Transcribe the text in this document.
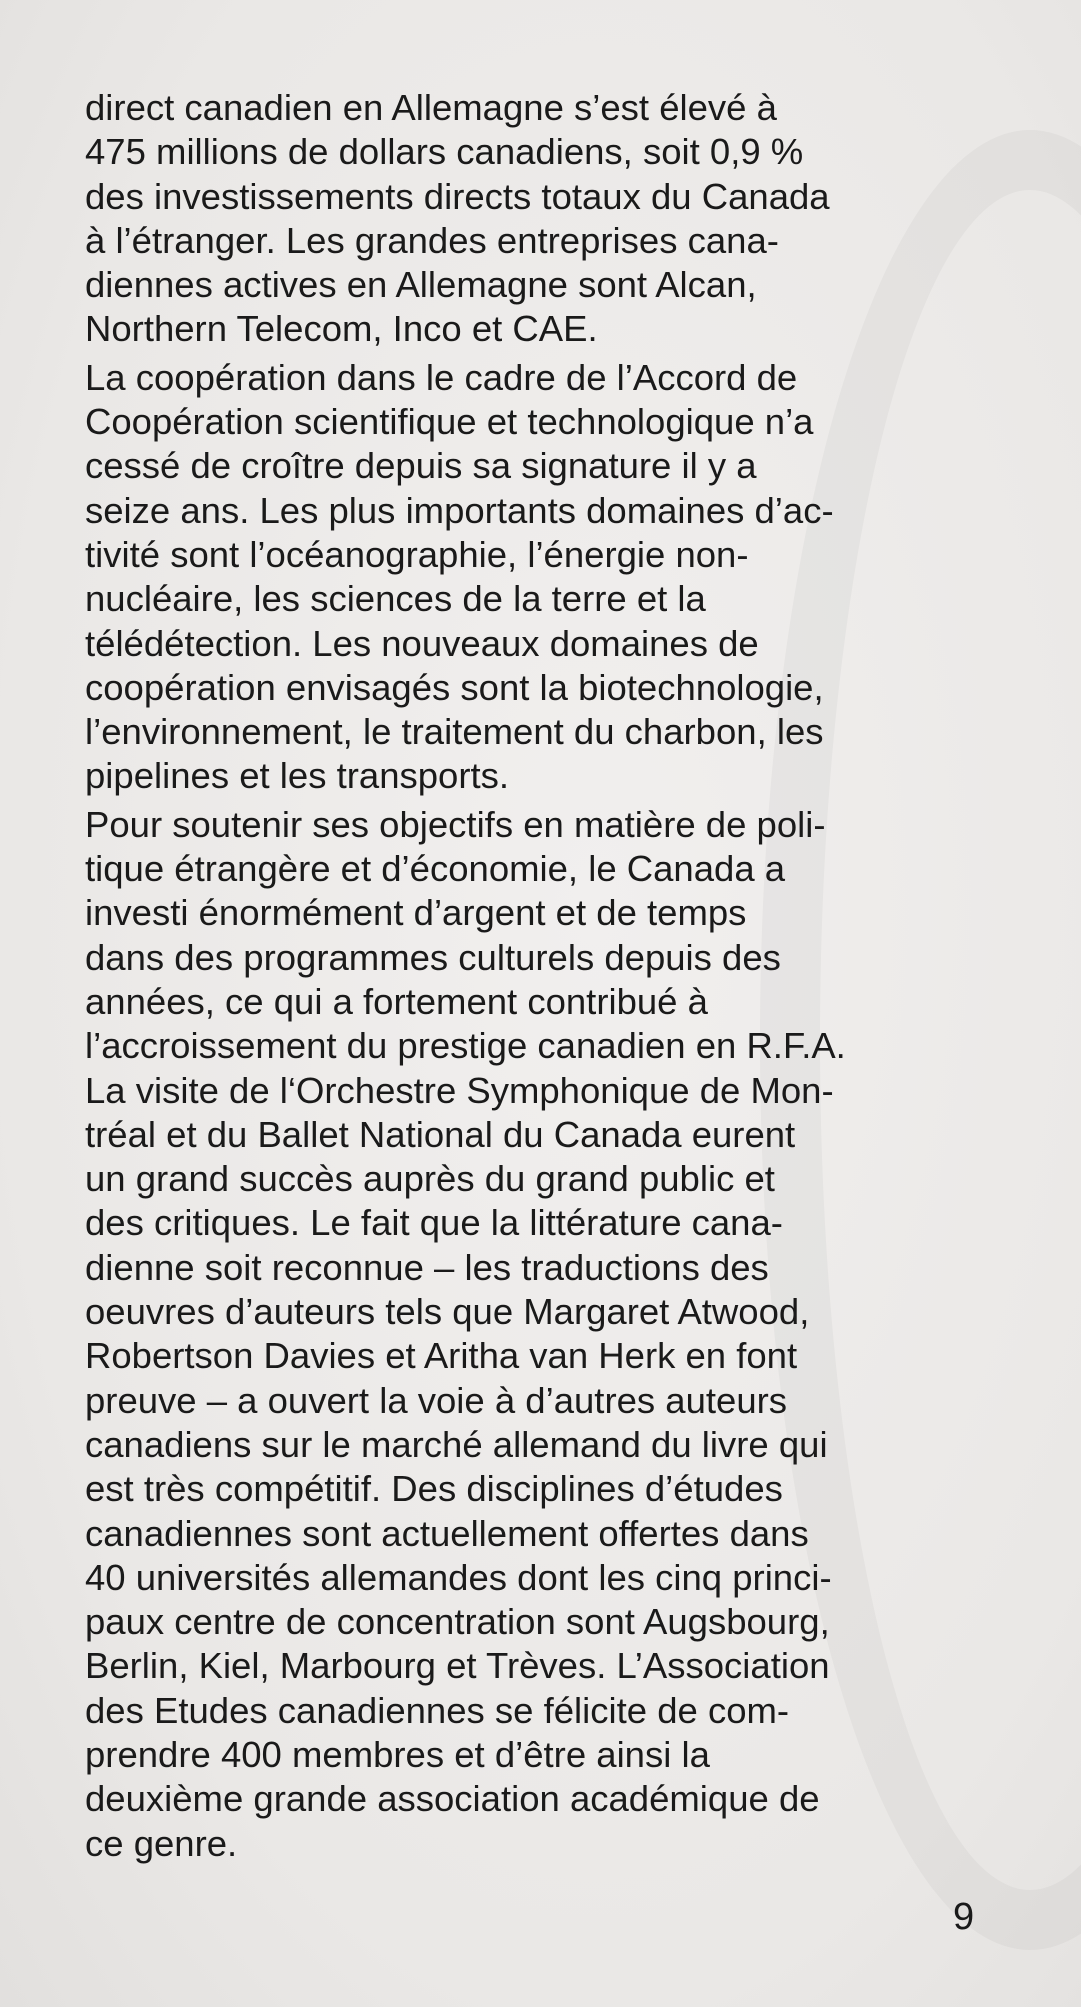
direct canadien en Allemagne s’est élevé à
475 millions de dollars canadiens, soit 0,9 %
des investissements directs totaux du Canada
à l’étranger. Les grandes entreprises cana-
diennes actives en Allemagne sont Alcan,
Northern Telecom, Inco et CAE.
La coopération dans le cadre de l’Accord de
Coopération scientifique et technologique n’a
cessé de croître depuis sa signature il y a
seize ans. Les plus importants domaines d’ac-
tivité sont l’océanographie, l’énergie non-
nucléaire, les sciences de la terre et la
télédétection. Les nouveaux domaines de
coopération envisagés sont la biotechnologie,
l’environnement, le traitement du charbon, les
pipelines et les transports.
Pour soutenir ses objectifs en matière de poli-
tique étrangère et d’économie, le Canada a
investi énormément d’argent et de temps
dans des programmes culturels depuis des
années, ce qui a fortement contribué à
l’accroissement du prestige canadien en R.F.A.
La visite de l‘Orchestre Symphonique de Mon-
tréal et du Ballet National du Canada eurent
un grand succès auprès du grand public et
des critiques. Le fait que la littérature cana-
dienne soit reconnue – les traductions des
oeuvres d’auteurs tels que Margaret Atwood,
Robertson Davies et Aritha van Herk en font
preuve – a ouvert la voie à d’autres auteurs
canadiens sur le marché allemand du livre qui
est très compétitif. Des disciplines d’études
canadiennes sont actuellement offertes dans
40 universités allemandes dont les cinq princi-
paux centre de concentration sont Augsbourg,
Berlin, Kiel, Marbourg et Trèves. L’Association
des Etudes canadiennes se félicite de com-
prendre 400 membres et d’être ainsi la
deuxième grande association académique de
ce genre.
9
